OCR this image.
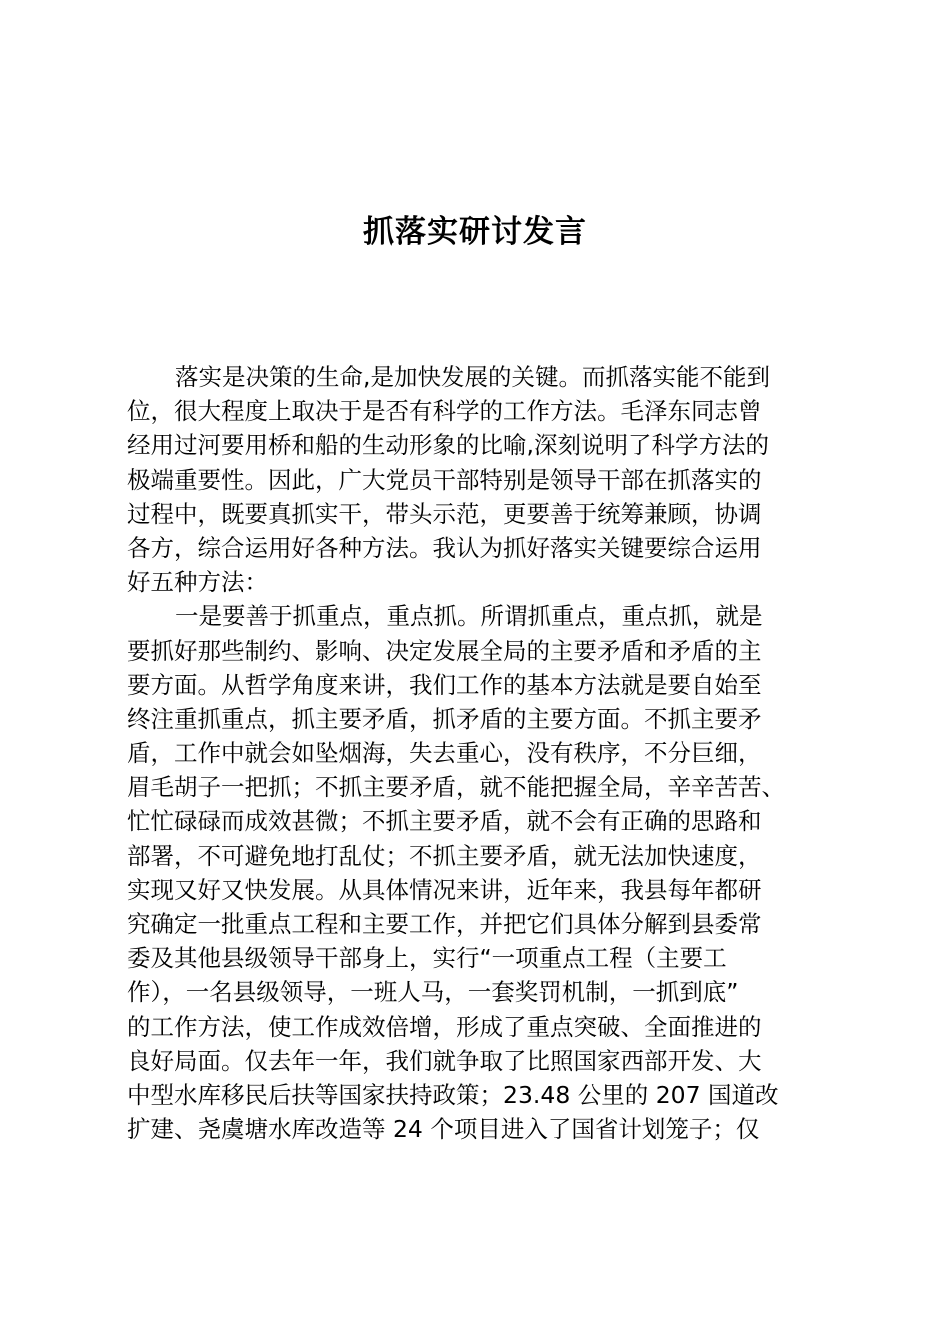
抓落实研讨发言
落实是决策的生命,是加快发展的关键。而抓落实能不能到
位，很大程度上取决于是否有科学的工作方法。毛泽东同志曾
经用过河要用桥和船的生动形象的比喻,深刻说明了科学方法的
极端重要性。因此，广大党员干部特别是领导干部在抓落实的
过程中，既要真抓实干，带头示范，更要善于统筹兼顾，协调
各方，综合运用好各种方法。我认为抓好落实关键要综合运用
好五种方法：
一是要善于抓重点，重点抓。所谓抓重点，重点抓，就是
要抓好那些制约、影响、决定发展全局的主要矛盾和矛盾的主
要方面。从哲学角度来讲，我们工作的基本方法就是要自始至
终注重抓重点，抓主要矛盾，抓矛盾的主要方面。不抓主要矛
盾，工作中就会如坠烟海，失去重心，没有秩序，不分巨细，
眉毛胡子一把抓；不抓主要矛盾，就不能把握全局，辛辛苦苦、
忙忙碌碌而成效甚微；不抓主要矛盾，就不会有正确的思路和
部署，不可避免地打乱仗；不抓主要矛盾，就无法加快速度，
实现又好又快发展。从具体情况来讲，近年来，我县每年都研
究确定一批重点工程和主要工作，并把它们具体分解到县委常
委及其他县级领导干部身上，实行“一项重点工程（主要工
作），一名县级领导，一班人马，一套奖罚机制，一抓到底”
的工作方法，使工作成效倍增，形成了重点突破、全面推进的
良好局面。仅去年一年，我们就争取了比照国家西部开发、大
中型水库移民后扶等国家扶持政策；23.48 公里的 207 国道改
扩建、尧虞塘水库改造等 24 个项目进入了国省计划笼子；仅
